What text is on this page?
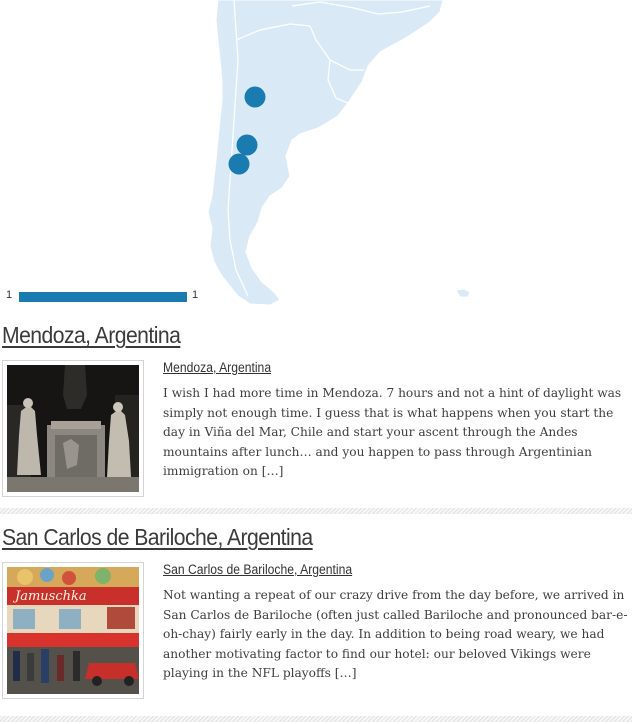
1	1
Mendoza, Argentina
Mendoza, Argentina

I wish I had more time in Mendoza. 7 hours and not a hint of daylight was simply not enough time. I guess that is what happens when you start the day in Viña del Mar, Chile and start your ascent through the Andes mountains after lunch… and you happen to pass through Argentinian immigration on […]

San Carlos de Bariloche, Argentina
Jamuschka
San Carlos de Bariloche, Argentina

Not wanting a repeat of our crazy drive from the day before, we arrived in San Carlos de Bariloche (often just called Bariloche and pronounced bar-e-oh-chay) fairly early in the day. In addition to being road weary, we had another motivating factor to find our hotel: our beloved Vikings were playing in the NFL playoffs […]
